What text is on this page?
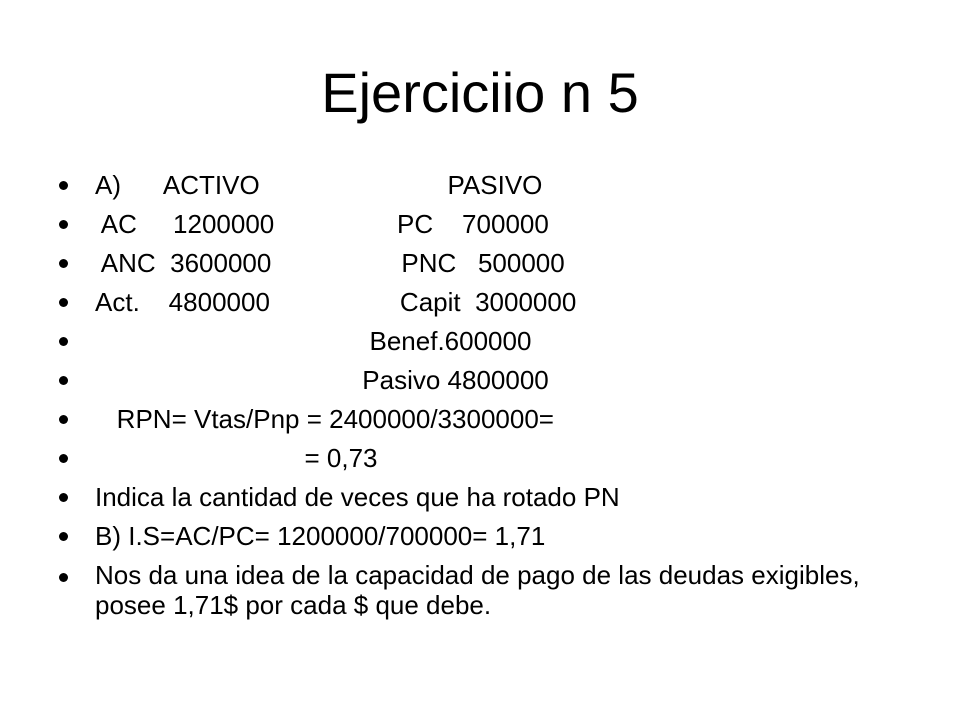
Ejerciciio n 5
A)      ACTIVO                          PASIVO
AC     1200000                 PC    700000
ANC  3600000                  PNC   500000
Act.    4800000                  Capit  3000000
Benef.600000
Pasivo 4800000
RPN= Vtas/Pnp = 2400000/3300000=
= 0,73
Indica la cantidad de veces que ha rotado PN
B) I.S=AC/PC= 1200000/700000= 1,71
Nos da una idea de la capacidad de pago de las deudas exigibles, posee 1,71$ por cada $ que debe.
